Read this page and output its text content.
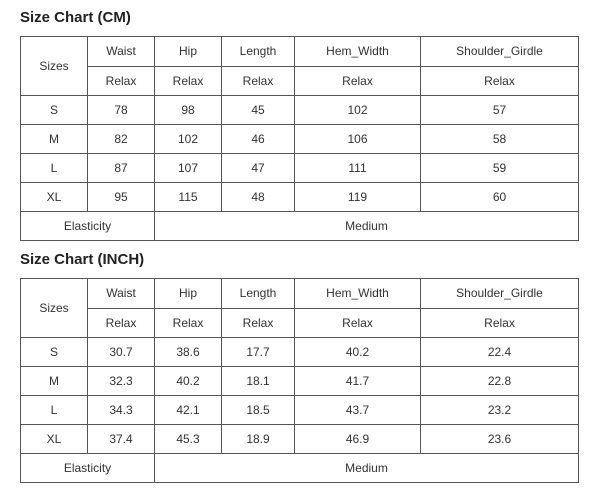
Size Chart (CM)
Sizes	Waist	Hip	Length	Hem_Width	Shoulder_Girdle
	Relax	Relax	Relax	Relax	Relax
S	78	98	45	102	57
M	82	102	46	106	58
L	87	107	47	111	59
XL	95	115	48	119	60
Elasticity		Medium			
Size Chart (INCH)
Sizes	Waist	Hip	Length	Hem_Width	Shoulder_Girdle
	Relax	Relax	Relax	Relax	Relax
S	30.7	38.6	17.7	40.2	22.4
M	32.3	40.2	18.1	41.7	22.8
L	34.3	42.1	18.5	43.7	23.2
XL	37.4	45.3	18.9	46.9	23.6
Elasticity		Medium			
